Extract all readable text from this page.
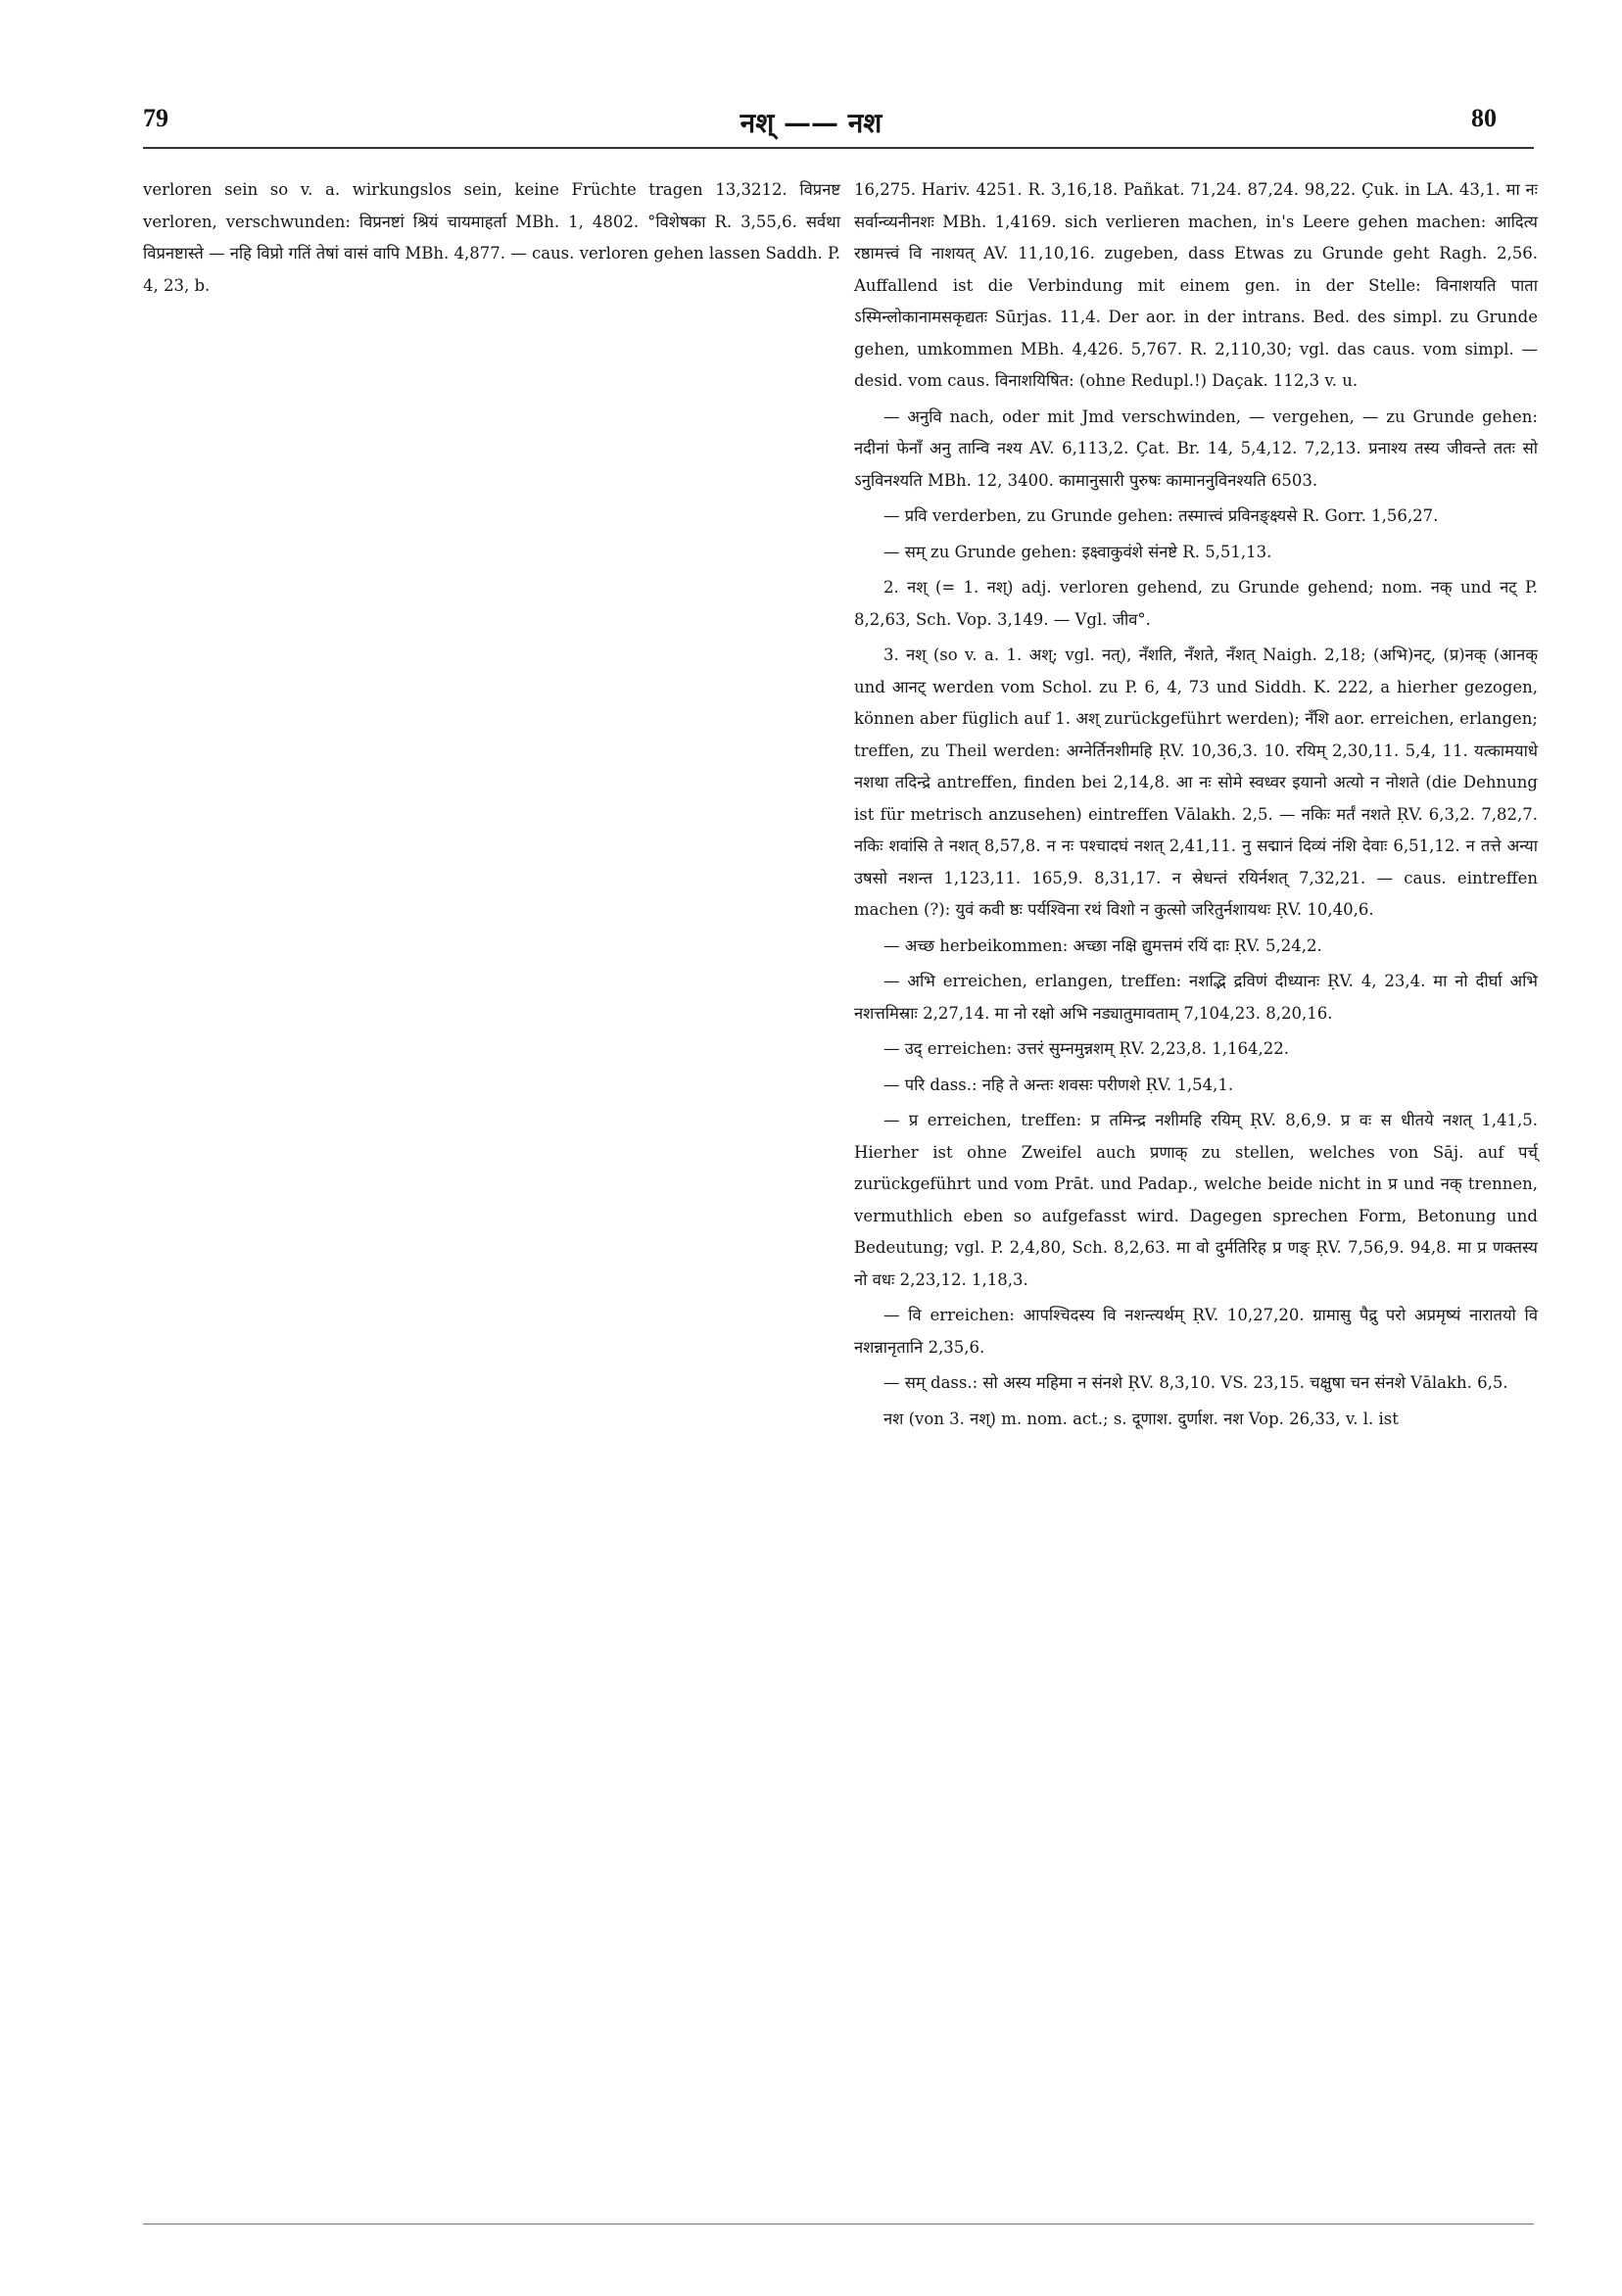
79	नश् —— नश	80

verloren sein so v. a. wirkungslos sein, keine Früchte tragen 13,3212. विप्रनष्ट verloren, verschwunden: विप्रनष्टां श्रियं चायमाहर्ता MBh. 1, 4802. °विशेषका R. 3,55,6. सर्वथा विप्रनष्टास्ते — नहि विप्रो गतिं तेषां वासं वापि MBh. 4,877. — caus. verloren gehen lassen Saddh. P. 4, 23, b.

16,275. Hariv. 4251. R. 3,16,18. Pañkat. 71,24. 87,24. 98,22. Çuk. in LA. 43,1. मा नः सर्वान्व्यनीनशः MBh. 1,4169. sich verlieren machen, in's Leere gehen machen: आदित्य रष्ठामत्त्वं वि नाशयत् AV. 11,10,16. zugeben, dass Etwas zu Grunde geht Ragh. 2,56. Auffallend ist die Verbindung mit einem gen. in der Stelle: विनाशयति पाता ऽस्मिन्लोकानामसकृद्यतः Sūrjas. 11,4. Der aor. in der intrans. Bed. des simpl. zu Grunde gehen, umkommen MBh. 4,426. 5,767. R. 2,110,30; vgl. das caus. vom simpl. — desid. vom caus. विनाशयिषित: (ohne Redupl.!) Daçak. 112,3 v. u.

— अनुवि nach, oder mit Jmd verschwinden, — vergehen, — zu Grunde gehen: नदीनां फेनाँ अनु तान्वि नश्य AV. 6,113,2. Çat. Br. 14, 5,4,12. 7,2,13. प्रनाश्य तस्य जीवन्ते ततः सो ऽनुविनश्यति MBh. 12, 3400. कामानुसारी पुरुषः कामाननुविनश्यति 6503.

— प्रवि verderben, zu Grunde gehen: तस्मात्त्वं प्रविनङ्क्ष्यसे R. Gorr. 1,56,27.

— सम् zu Grunde gehen: इक्ष्वाकुवंशे संनष्टे R. 5,51,13.

2. नश् (= 1. नश्) adj. verloren gehend, zu Grunde gehend; nom. नक् und नट् P. 8,2,63, Sch. Vop. 3,149. — Vgl. जीव°.

3. नश् (so v. a. 1. अश्; vgl. नत्), नँशति, नँशते, नँशत् Naigh. 2,18; (अभि)नट्, (प्र)नक् (आनक् und आनट् werden vom Schol. zu P. 6, 4, 73 und Siddh. K. 222, a hierher gezogen, können aber füglich auf 1. अश् zurückgeführt werden); नँशि aor. erreichen, erlangen; treffen, zu Theil werden: अग्नेर्तिनशीमहि ṚV. 10,36,3. 10. रयिम् 2,30,11. 5,4, 11. यत्कामयाधे नशथा तदिन्द्रे antreffen, finden bei 2,14,8. आ नः सोमे स्वध्वर इयानो अत्यो न नोशते (die Dehnung ist für metrisch anzusehen) eintreffen Vālakh. 2,5. — नकिः मर्तं नशते ṚV. 6,3,2. 7,82,7. नकिः शवांसि ते नशत् 8,57,8. न नः पश्चादघं नशत् 2,41,11. नु सद्मानं दिव्यं नंशि देवाः 6,51,12. न तत्ते अन्या उषसो नशन्त 1,123,11. 165,9. 8,31,17. न स्रेधन्तं रयिर्नशत् 7,32,21. — caus. eintreffen machen (?): युवं कवी ष्ठः पर्यश्विना रथं विशो न कुत्सो जरितुर्नशायथः ṚV. 10,40,6.

— अच्छ herbeikommen: अच्छा नक्षि द्युमत्तमं रयिं दाः ṚV. 5,24,2.

— अभि erreichen, erlangen, treffen: नशद्भि द्रविणं दीध्यानः ṚV. 4, 23,4. मा नो दीर्घा अभि नशत्तमिस्राः 2,27,14. मा नो रक्षो अभि नड्यातुमावताम् 7,104,23. 8,20,16.

— उद् erreichen: उत्तरं सुम्नमुन्नशम् ṚV. 2,23,8. 1,164,22.

— परि dass.: नहि ते अन्तः शवसः परीणशे ṚV. 1,54,1.

— प्र erreichen, treffen: प्र तमिन्द्र नशीमहि रयिम् ṚV. 8,6,9. प्र वः स धीतये नशत् 1,41,5. Hierher ist ohne Zweifel auch प्रणाक् zu stellen, welches von Sāj. auf पर्च् zurückgeführt und vom Prāt. und Padap., welche beide nicht in प्र und नक् trennen, vermuthlich eben so aufgefasst wird. Dagegen sprechen Form, Betonung und Bedeutung; vgl. P. 2,4,80, Sch. 8,2,63. मा वो दुर्मतिरिह प्र णङ् ṚV. 7,56,9. 94,8. मा प्र णक्तस्य नो वधः 2,23,12. 1,18,3.

— वि erreichen: आपश्चिदस्य वि नशन्त्यर्थम् ṚV. 10,27,20. ग्रामासु पैद्रु परो अप्रमृष्यं नारातयो वि नशन्नानृतानि 2,35,6.

— सम् dass.: सो अस्य महिमा न संनशे ṚV. 8,3,10. VS. 23,15. चक्षुषा चन संनशे Vālakh. 6,5.

नश (von 3. नश्) m. nom. act.; s. दूणाश. दुर्णाश. नश Vop. 26,33, v. l. ist
